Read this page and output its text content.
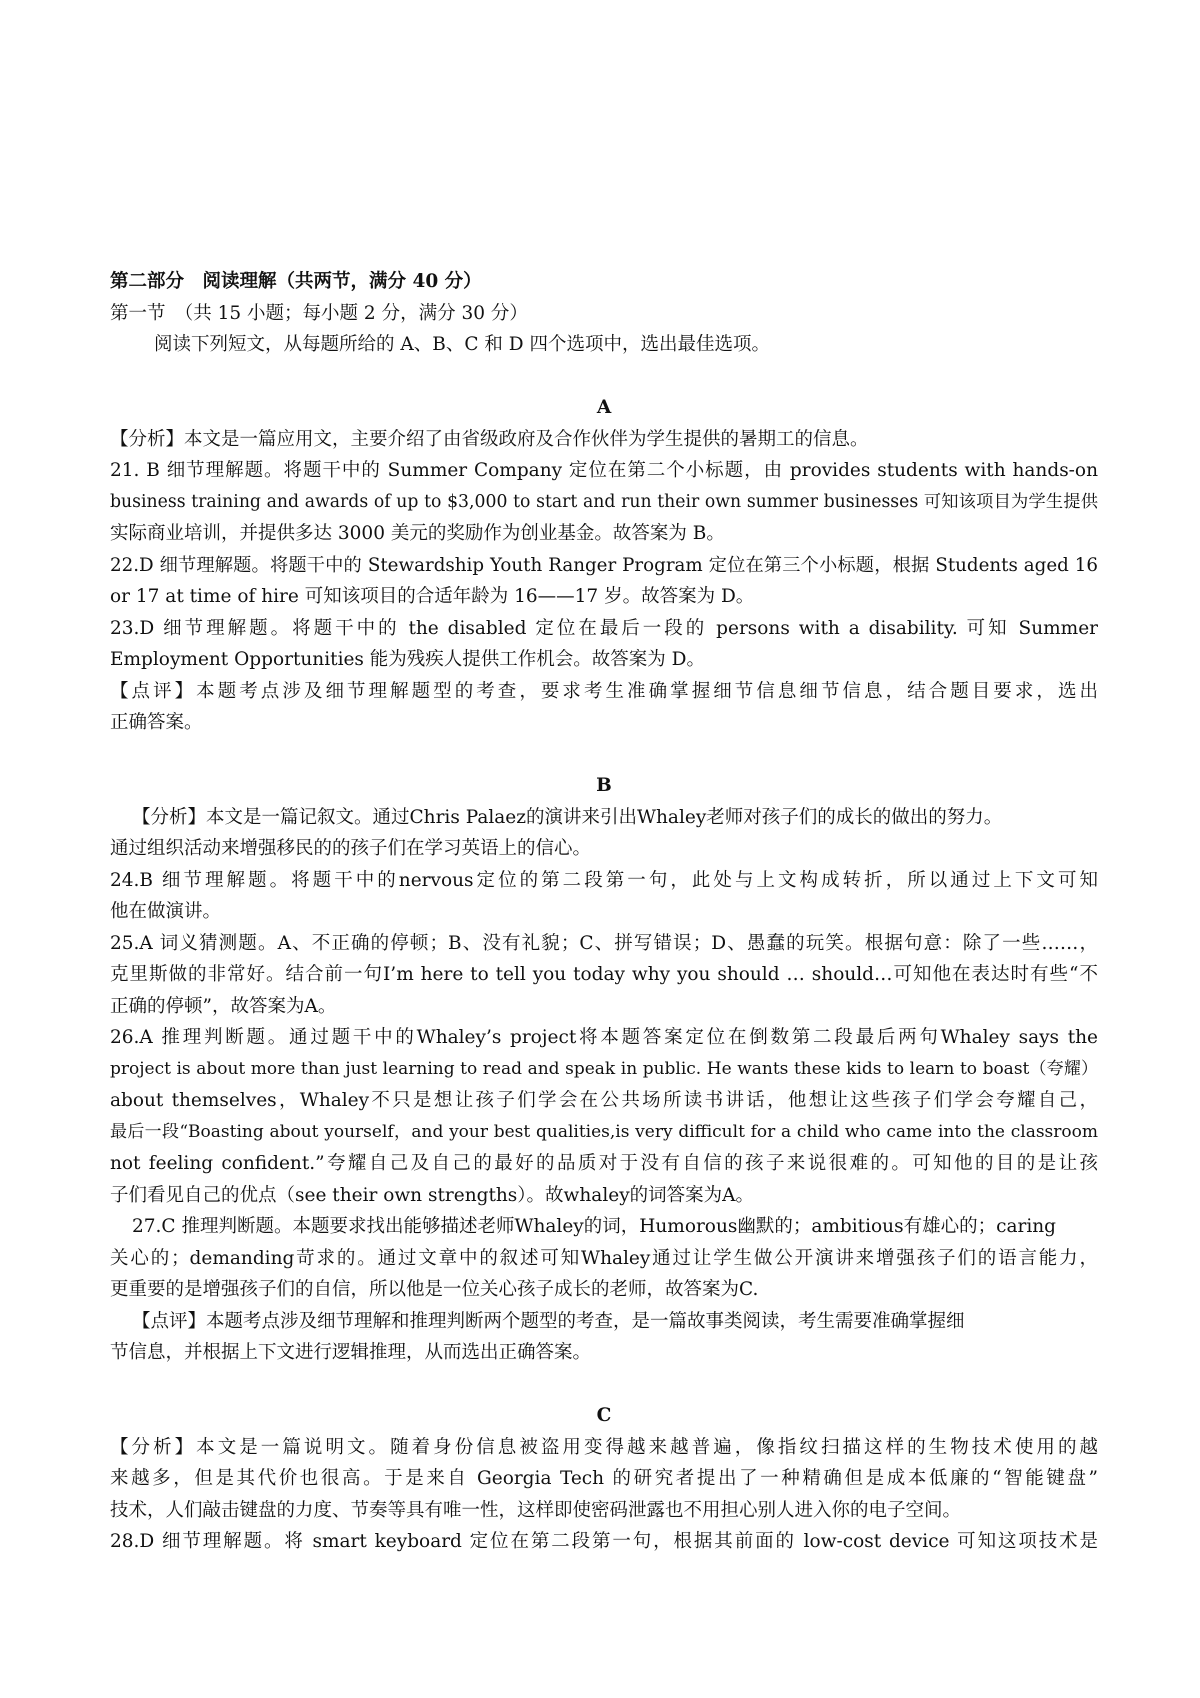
第二部分　阅读理解（共两节，满分 40 分）
第一节　（共 15 小题；每小题 2 分，满分 30 分）
阅读下列短文，从每题所给的 A、B、C 和 D 四个选项中，选出最佳选项。
A
【分析】本文是一篇应用文，主要介绍了由省级政府及合作伙伴为学生提供的暑期工的信息。
21. B 细节理解题。将题干中的 Summer Company 定位在第二个小标题，由 provides students with hands-on
business training and awards of up to $3,000 to start and run their own summer businesses 可知该项目为学生提供
实际商业培训，并提供多达 3000 美元的奖励作为创业基金。故答案为 B。
22.D 细节理解题。将题干中的 Stewardship Youth Ranger Program 定位在第三个小标题，根据 Students aged 16
or 17 at time of hire 可知该项目的合适年龄为 16——17 岁。故答案为 D。
23.D 细节理解题。将题干中的 the disabled 定位在最后一段的 persons with a disability. 可知 Summer
Employment Opportunities 能为残疾人提供工作机会。故答案为 D。
【点评】本题考点涉及细节理解题型的考查，要求考生准确掌握细节信息细节信息，结合题目要求，选出
正确答案。
B
【分析】本文是一篇记叙文。通过Chris Palaez的演讲来引出Whaley老师对孩子们的成长的做出的努力。
通过组织活动来增强移民的的孩子们在学习英语上的信心。
24.B 细节理解题。将题干中的nervous定位的第二段第一句，此处与上文构成转折，所以通过上下文可知
他在做演讲。
25.A 词义猜测题。A、不正确的停顿；B、没有礼貌；C、拼写错误；D、愚蠢的玩笑。根据句意：除了一些……，
克里斯做的非常好。结合前一句I’m here to tell you today why you should … should…可知他在表达时有些“不
正确的停顿”，故答案为A。
26.A 推理判断题。通过题干中的Whaley’s project将本题答案定位在倒数第二段最后两句Whaley says the
project is about more than just learning to read and speak in public. He wants these kids to learn to boast（夸耀）
about themselves，Whaley不只是想让孩子们学会在公共场所读书讲话，他想让这些孩子们学会夸耀自己，
最后一段“Boasting about yourself，and your best qualities,is very difficult for a child who came into the classroom
not feeling confident.”夸耀自己及自己的最好的品质对于没有自信的孩子来说很难的。可知他的目的是让孩
子们看见自己的优点（see their own strengths）。故whaley的词答案为A。
27.C 推理判断题。本题要求找出能够描述老师Whaley的词，Humorous幽默的；ambitious有雄心的；caring
关心的；demanding苛求的。通过文章中的叙述可知Whaley通过让学生做公开演讲来增强孩子们的语言能力，
更重要的是增强孩子们的自信，所以他是一位关心孩子成长的老师，故答案为C.
【点评】本题考点涉及细节理解和推理判断两个题型的考查，是一篇故事类阅读，考生需要准确掌握细
节信息，并根据上下文进行逻辑推理，从而选出正确答案。
C
【分析】本文是一篇说明文。随着身份信息被盗用变得越来越普遍，像指纹扫描这样的生物技术使用的越
来越多，但是其代价也很高。于是来自 Georgia Tech 的研究者提出了一种精确但是成本低廉的“智能键盘”
技术，人们敲击键盘的力度、节奏等具有唯一性，这样即使密码泄露也不用担心别人进入你的电子空间。
28.D 细节理解题。将 smart keyboard 定位在第二段第一句，根据其前面的 low-cost device 可知这项技术是
